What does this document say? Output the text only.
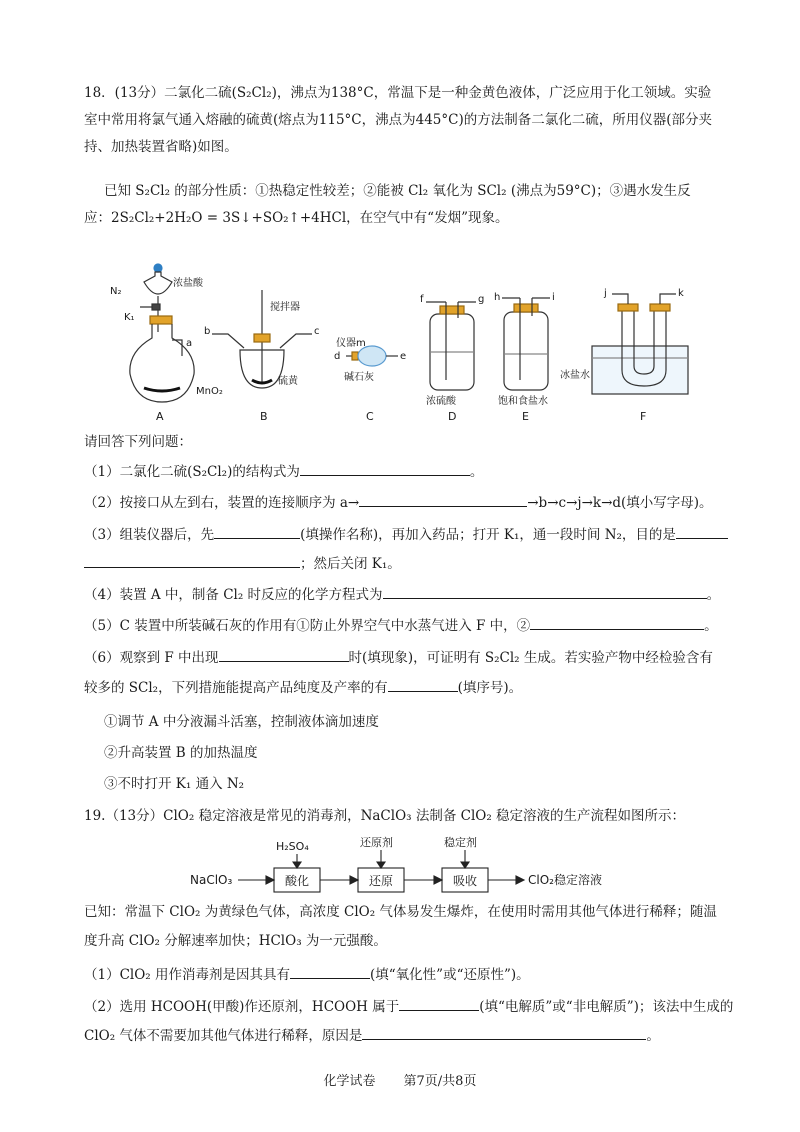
18．(13分）二氯化二硫(S₂Cl₂)，沸点为138°C，常温下是一种金黄色液体，广泛应用于化工领域。实验
室中常用将氯气通入熔融的硫黄(熔点为115°C，沸点为445°C)的方法制备二氯化二硫，所用仪器(部分夹
持、加热装置省略)如图。
已知 S₂Cl₂ 的部分性质：①热稳定性较差；②能被 Cl₂ 氧化为 SCl₂ (沸点为59°C)；③遇水发生反
应：2S₂Cl₂+2H₂O = 3S↓+SO₂↑+4HCl，在空气中有“发烟”现象。
浓盐酸
N₂
K₁
a
MnO₂
A
搅拌器
b	c
硫黄
B
仪器m
d	e
碱石灰
C
f	g
浓硫酸
D
h	i
饱和食盐水
E
j	k
冰盐水
F
请回答下列问题：
（1）二氯化二硫(S₂Cl₂)的结构式为	。
（2）按接口从左到右，装置的连接顺序为 a→	→b→c→j→k→d(填小写字母)。
（3）组装仪器后，先	(填操作名称)，再加入药品；打开 K₁，通一段时间 N₂，目的是
；然后关闭 K₁。
（4）装置 A 中，制备 Cl₂ 时反应的化学方程式为	。
（5）C 装置中所装碱石灰的作用有①防止外界空气中水蒸气进入 F 中，②	。
（6）观察到 F 中出现	时(填现象)，可证明有 S₂Cl₂ 生成。若实验产物中经检验含有
较多的 SCl₂，下列措施能提高产品纯度及产率的有	(填序号)。
①调节 A 中分液漏斗活塞，控制液体滴加速度
②升高装置 B 的加热温度
③不时打开 K₁ 通入 N₂
19.（13分）ClO₂ 稳定溶液是常见的消毒剂，NaClO₃ 法制备 ClO₂ 稳定溶液的生产流程如图所示：
NaClO₃	酸化
H₂SO₄
还原
还原剂
吸收
稳定剂
ClO₂稳定溶液
已知：常温下 ClO₂ 为黄绿色气体，高浓度 ClO₂ 气体易发生爆炸，在使用时需用其他气体进行稀释；随温
度升高 ClO₂ 分解速率加快；HClO₃ 为一元强酸。
（1）ClO₂ 用作消毒剂是因其具有	(填“氧化性”或“还原性”)。
（2）选用 HCOOH(甲酸)作还原剂，HCOOH 属于	(填“电解质”或“非电解质”)；该法中生成的
ClO₂ 气体不需要加其他气体进行稀释，原因是	。
化学试卷 第7页/共8页
